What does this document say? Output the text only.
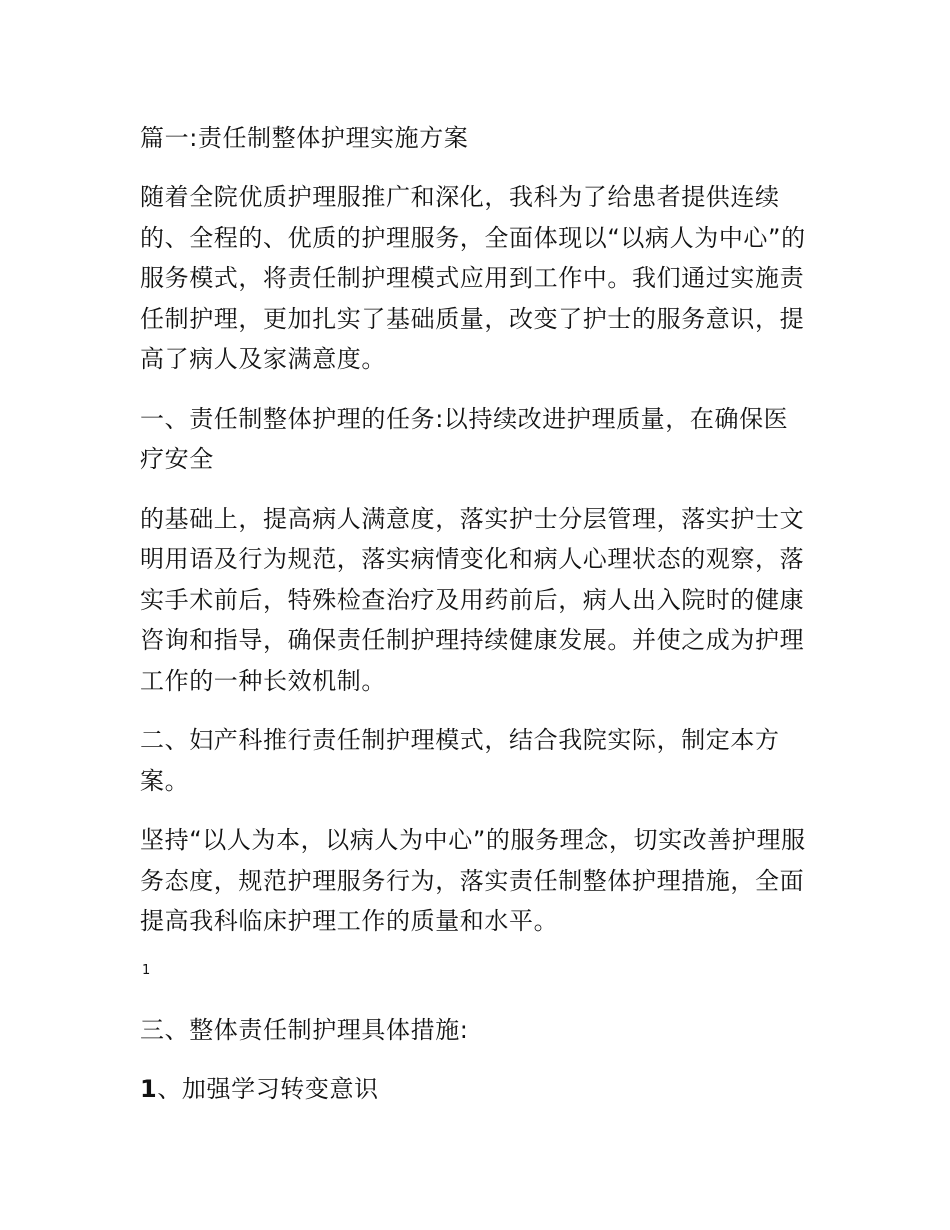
篇一:责任制整体护理实施方案

随着全院优质护理服推广和深化，我科为了给患者提供连续的、全程的、优质的护理服务，全面体现以“以病人为中心”的服务模式，将责任制护理模式应用到工作中。我们通过实施责任制护理，更加扎实了基础质量，改变了护士的服务意识，提高了病人及家满意度。

一、责任制整体护理的任务:以持续改进护理质量，在确保医疗安全

的基础上，提高病人满意度，落实护士分层管理，落实护士文明用语及行为规范，落实病情变化和病人心理状态的观察，落实手术前后，特殊检查治疗及用药前后，病人出入院时的健康咨询和指导，确保责任制护理持续健康发展。并使之成为护理工作的一种长效机制。

二、妇产科推行责任制护理模式，结合我院实际，制定本方案。

坚持“以人为本，以病人为中心”的服务理念，切实改善护理服务态度，规范护理服务行为，落实责任制整体护理措施，全面提高我科临床护理工作的质量和水平。

1

三、整体责任制护理具体措施:

1、加强学习转变意识
